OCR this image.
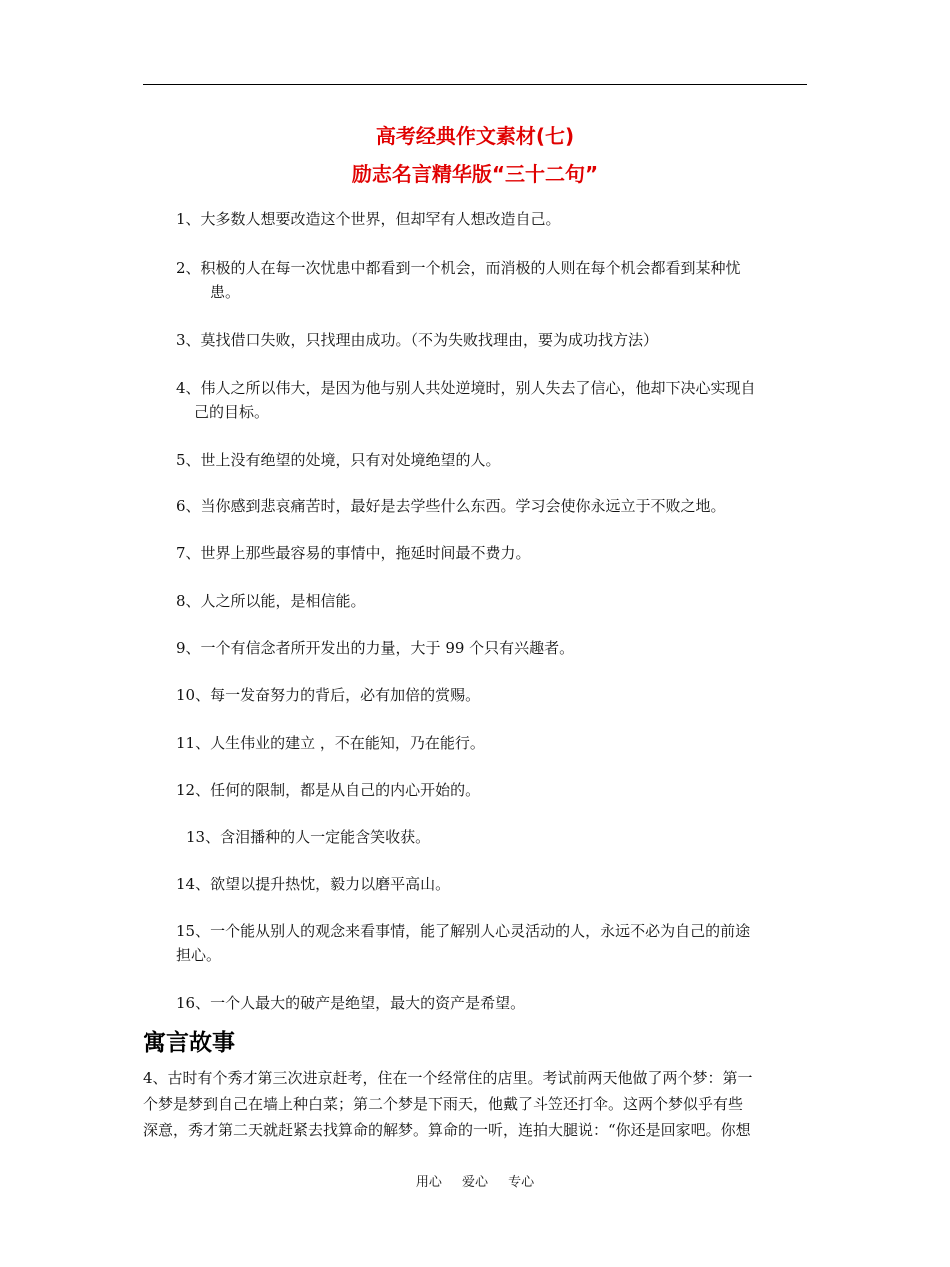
高考经典作文素材(七)
励志名言精华版“三十二句”
1、大多数人想要改造这个世界，但却罕有人想改造自己。
2、积极的人在每一次忧患中都看到一个机会，而消极的人则在每个机会都看到某种忧
患。
3、莫找借口失败，只找理由成功。（不为失败找理由，要为成功找方法）
4、伟人之所以伟大，是因为他与别人共处逆境时，别人失去了信心，他却下决心实现自
己的目标。
5、世上没有绝望的处境，只有对处境绝望的人。
6、当你感到悲哀痛苦时，最好是去学些什么东西。学习会使你永远立于不败之地。
7、世界上那些最容易的事情中，拖延时间最不费力。
8、人之所以能，是相信能。
9、一个有信念者所开发出的力量，大于 99 个只有兴趣者。
10、每一发奋努力的背后，必有加倍的赏赐。
11、人生伟业的建立 ，不在能知，乃在能行。
12、任何的限制，都是从自己的内心开始的。
13、含泪播种的人一定能含笑收获。
14、欲望以提升热忱，毅力以磨平高山。
15、一个能从别人的观念来看事情，能了解别人心灵活动的人，永远不必为自己的前途
担心。
16、一个人最大的破产是绝望，最大的资产是希望。
寓言故事
4、古时有个秀才第三次进京赶考，住在一个经常住的店里。考试前两天他做了两个梦：第一
个梦是梦到自己在墙上种白菜；第二个梦是下雨天，他戴了斗笠还打伞。这两个梦似乎有些
深意，秀才第二天就赶紧去找算命的解梦。算命的一听，连拍大腿说：“你还是回家吧。你想
用心 爱心 专心
